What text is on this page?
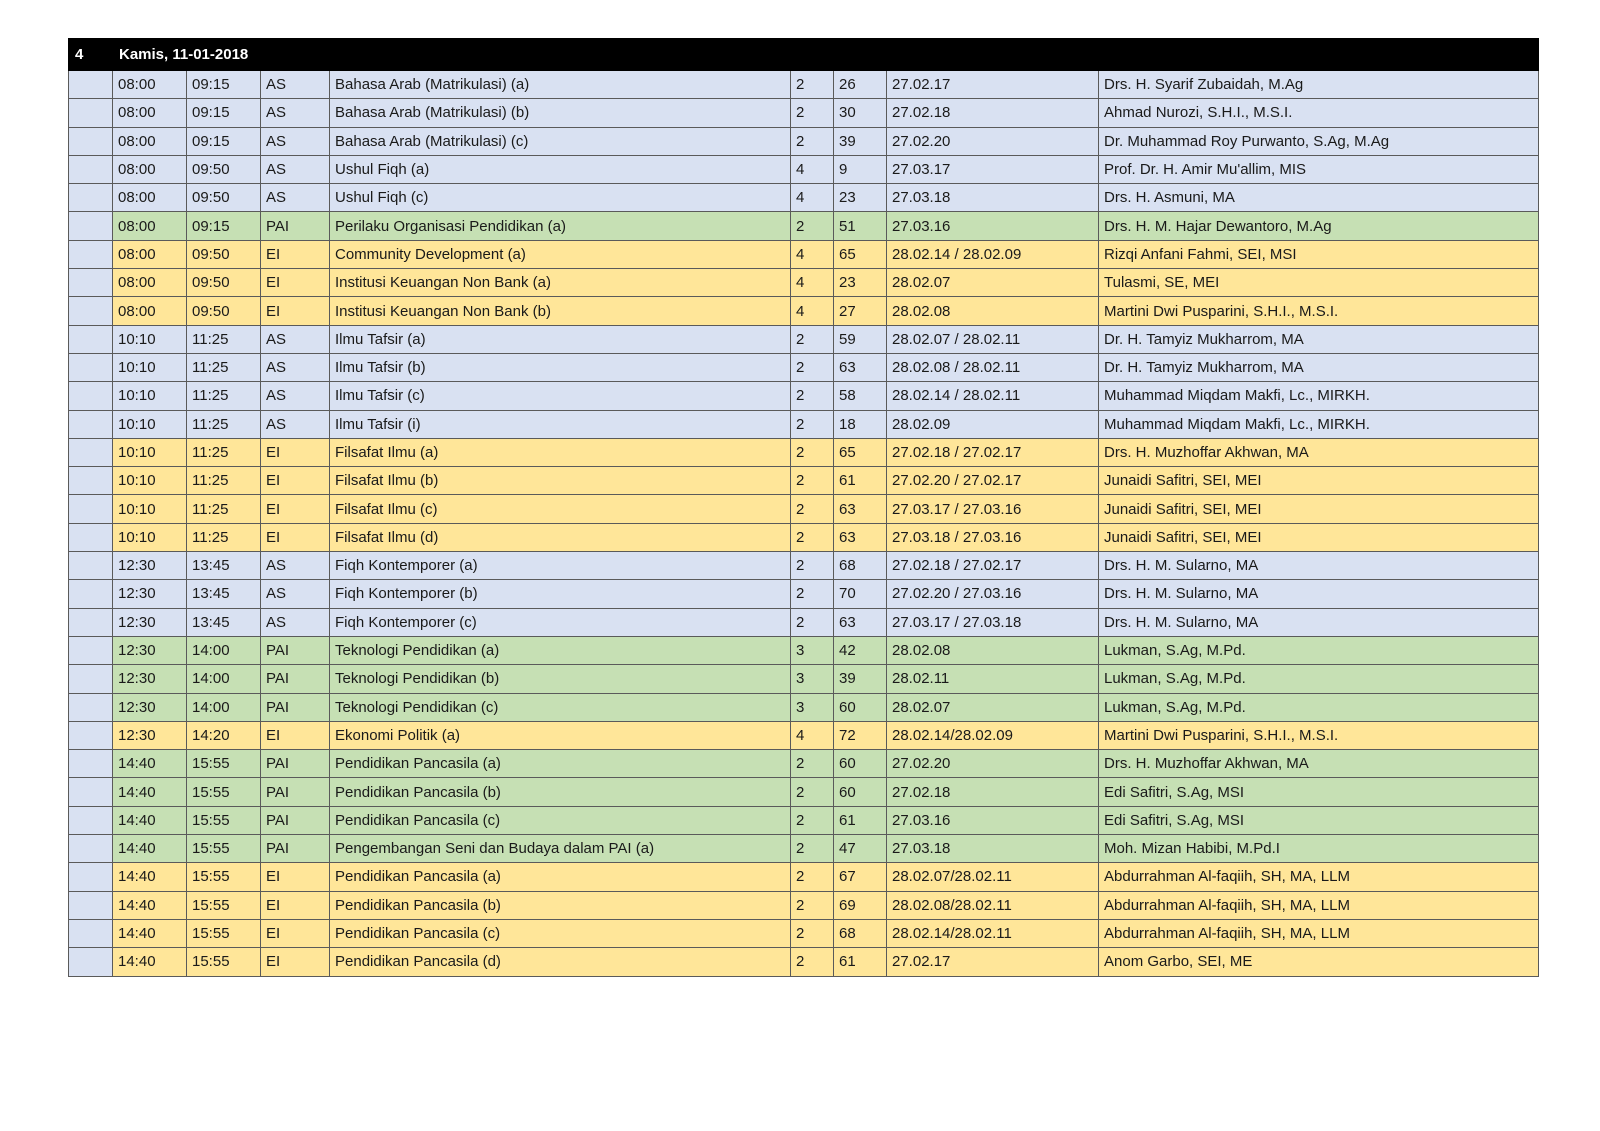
4	Kamis, 11-01-2018							
	08:00	09:15	AS	Bahasa Arab (Matrikulasi) (a)	2	26	27.02.17	Drs. H. Syarif Zubaidah, M.Ag
	08:00	09:15	AS	Bahasa Arab (Matrikulasi) (b)	2	30	27.02.18	Ahmad Nurozi, S.H.I., M.S.I.
	08:00	09:15	AS	Bahasa Arab (Matrikulasi) (c)	2	39	27.02.20	Dr. Muhammad Roy Purwanto, S.Ag, M.Ag
	08:00	09:50	AS	Ushul Fiqh (a)	4	9	27.03.17	Prof. Dr. H. Amir Mu'allim, MIS
	08:00	09:50	AS	Ushul Fiqh (c)	4	23	27.03.18	Drs. H. Asmuni, MA
	08:00	09:15	PAI	Perilaku Organisasi Pendidikan (a)	2	51	27.03.16	Drs. H. M. Hajar Dewantoro, M.Ag
	08:00	09:50	EI	Community Development (a)	4	65	28.02.14 / 28.02.09	Rizqi Anfani Fahmi, SEI, MSI
	08:00	09:50	EI	Institusi Keuangan Non Bank (a)	4	23	28.02.07	Tulasmi, SE, MEI
	08:00	09:50	EI	Institusi Keuangan Non Bank (b)	4	27	28.02.08	Martini Dwi Pusparini, S.H.I., M.S.I.
	10:10	11:25	AS	Ilmu Tafsir (a)	2	59	28.02.07 / 28.02.11	Dr. H. Tamyiz Mukharrom, MA
	10:10	11:25	AS	Ilmu Tafsir (b)	2	63	28.02.08 / 28.02.11	Dr. H. Tamyiz Mukharrom, MA
	10:10	11:25	AS	Ilmu Tafsir (c)	2	58	28.02.14 / 28.02.11	Muhammad Miqdam Makfi, Lc., MIRKH.
	10:10	11:25	AS	Ilmu Tafsir (i)	2	18	28.02.09	Muhammad Miqdam Makfi, Lc., MIRKH.
	10:10	11:25	EI	Filsafat Ilmu (a)	2	65	27.02.18 / 27.02.17	Drs. H. Muzhoffar Akhwan, MA
	10:10	11:25	EI	Filsafat Ilmu (b)	2	61	27.02.20 / 27.02.17	Junaidi Safitri, SEI, MEI
	10:10	11:25	EI	Filsafat Ilmu (c)	2	63	27.03.17 / 27.03.16	Junaidi Safitri, SEI, MEI
	10:10	11:25	EI	Filsafat Ilmu (d)	2	63	27.03.18 / 27.03.16	Junaidi Safitri, SEI, MEI
	12:30	13:45	AS	Fiqh Kontemporer (a)	2	68	27.02.18 / 27.02.17	Drs. H. M. Sularno, MA
	12:30	13:45	AS	Fiqh Kontemporer (b)	2	70	27.02.20 / 27.03.16	Drs. H. M. Sularno, MA
	12:30	13:45	AS	Fiqh Kontemporer (c)	2	63	27.03.17 / 27.03.18	Drs. H. M. Sularno, MA
	12:30	14:00	PAI	Teknologi Pendidikan (a)	3	42	28.02.08	Lukman, S.Ag, M.Pd.
	12:30	14:00	PAI	Teknologi Pendidikan (b)	3	39	28.02.11	Lukman, S.Ag, M.Pd.
	12:30	14:00	PAI	Teknologi Pendidikan (c)	3	60	28.02.07	Lukman, S.Ag, M.Pd.
	12:30	14:20	EI	Ekonomi Politik (a)	4	72	28.02.14/28.02.09	Martini Dwi Pusparini, S.H.I., M.S.I.
	14:40	15:55	PAI	Pendidikan Pancasila (a)	2	60	27.02.20	Drs. H. Muzhoffar Akhwan, MA
	14:40	15:55	PAI	Pendidikan Pancasila (b)	2	60	27.02.18	Edi Safitri, S.Ag, MSI
	14:40	15:55	PAI	Pendidikan Pancasila (c)	2	61	27.03.16	Edi Safitri, S.Ag, MSI
	14:40	15:55	PAI	Pengembangan Seni dan Budaya dalam PAI (a)	2	47	27.03.18	Moh. Mizan Habibi, M.Pd.I
	14:40	15:55	EI	Pendidikan Pancasila (a)	2	67	28.02.07/28.02.11	Abdurrahman Al-faqiih, SH, MA, LLM
	14:40	15:55	EI	Pendidikan Pancasila (b)	2	69	28.02.08/28.02.11	Abdurrahman Al-faqiih, SH, MA, LLM
	14:40	15:55	EI	Pendidikan Pancasila (c)	2	68	28.02.14/28.02.11	Abdurrahman Al-faqiih, SH, MA, LLM
	14:40	15:55	EI	Pendidikan Pancasila (d)	2	61	27.02.17	Anom Garbo, SEI, ME
